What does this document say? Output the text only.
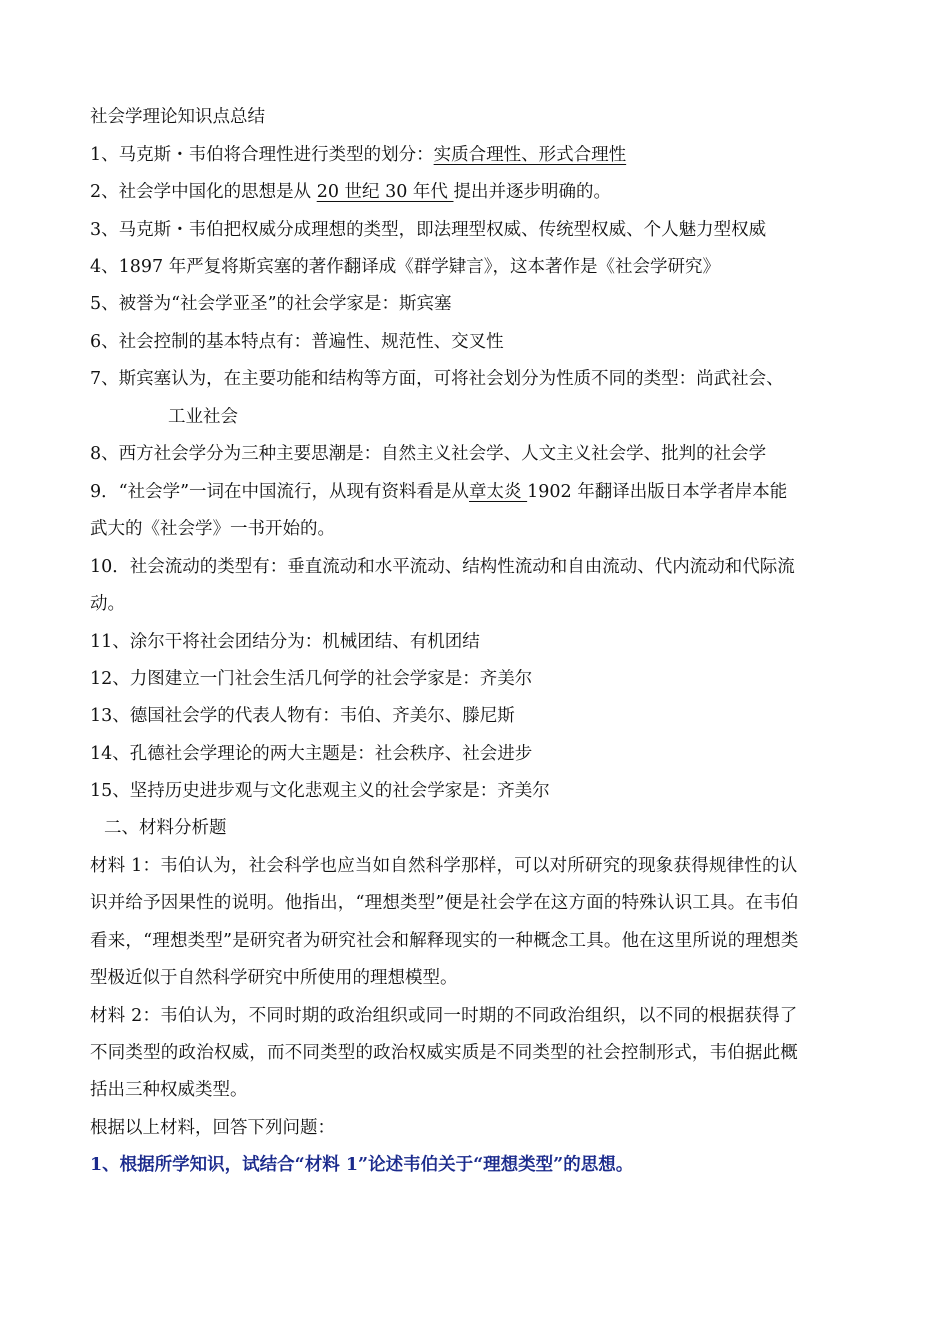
社会学理论知识点总结
1、马克斯・韦伯将合理性进行类型的划分：实质合理性、形式合理性
2、社会学中国化的思想是从 20 世纪 30 年代 提出并逐步明确的。
3、马克斯・韦伯把权威分成理想的类型，即法理型权威、传统型权威、个人魅力型权威
4、1897 年严复将斯宾塞的著作翻译成《群学肄言》，这本著作是《社会学研究》
5、被誉为“社会学亚圣”的社会学家是：斯宾塞
6、社会控制的基本特点有：普遍性、规范性、交叉性
7、斯宾塞认为，在主要功能和结构等方面，可将社会划分为性质不同的类型：尚武社会、
工业社会
8、西方社会学分为三种主要思潮是：自然主义社会学、人文主义社会学、批判的社会学
9．“社会学”一词在中国流行，从现有资料看是从章太炎 1902 年翻译出版日本学者岸本能
武大的《社会学》一书开始的。
10．社会流动的类型有：垂直流动和水平流动、结构性流动和自由流动、代内流动和代际流
动。
11、涂尔干将社会团结分为：机械团结、有机团结
12、力图建立一门社会生活几何学的社会学家是：齐美尔
13、德国社会学的代表人物有：韦伯、齐美尔、滕尼斯
14、孔德社会学理论的两大主题是：社会秩序、社会进步
15、坚持历史进步观与文化悲观主义的社会学家是：齐美尔
二、材料分析题
材料 1：韦伯认为，社会科学也应当如自然科学那样，可以对所研究的现象获得规律性的认
识并给予因果性的说明。他指出，“理想类型”便是社会学在这方面的特殊认识工具。在韦伯
看来，“理想类型”是研究者为研究社会和解释现实的一种概念工具。他在这里所说的理想类
型极近似于自然科学研究中所使用的理想模型。
材料 2：韦伯认为，不同时期的政治组织或同一时期的不同政治组织，以不同的根据获得了
不同类型的政治权威，而不同类型的政治权威实质是不同类型的社会控制形式，韦伯据此概
括出三种权威类型。
根据以上材料，回答下列问题：
1、根据所学知识，试结合“材料 1”论述韦伯关于“理想类型”的思想。
